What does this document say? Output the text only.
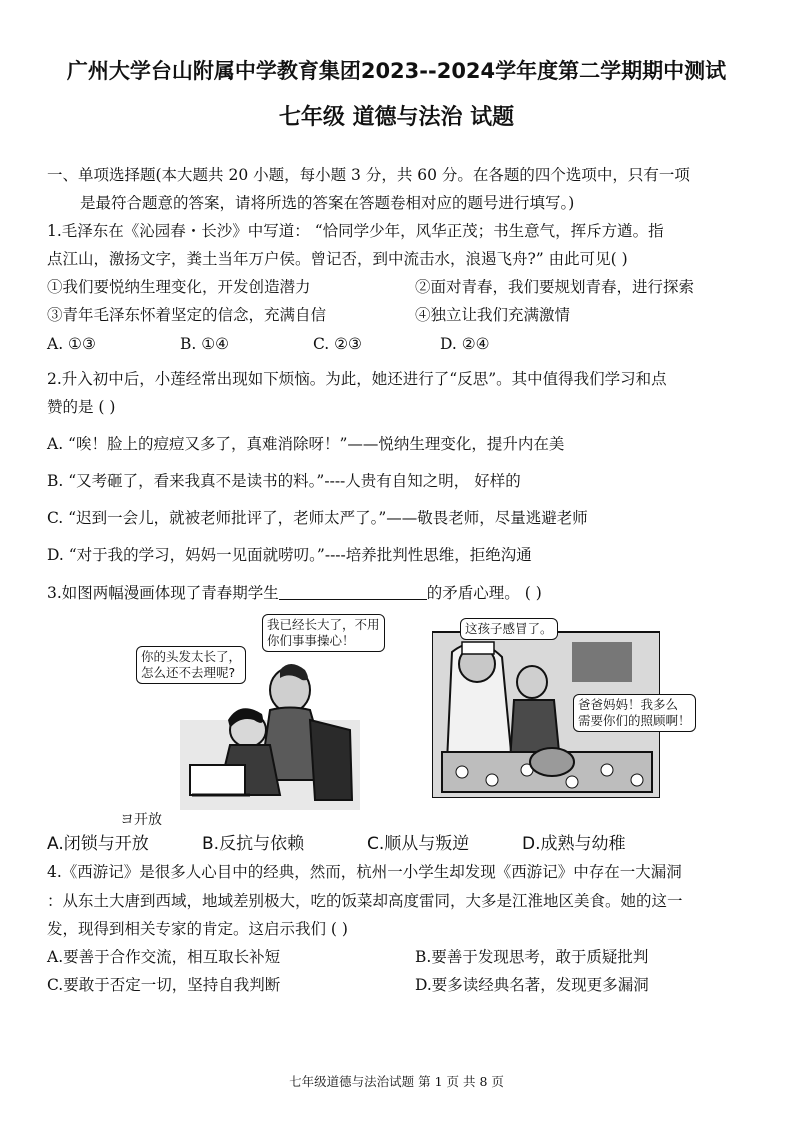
广州大学台山附属中学教育集团2023--2024学年度第二学期期中测试
七年级 道德与法治 试题
一、单项选择题(本大题共 20 小题，每小题 3 分，共 60 分。在各题的四个选项中，只有一项
是最符合题意的答案，请将所选的答案在答题卷相对应的题号进行填写。)
1.毛泽东在《沁园春・长沙》中写道： “恰同学少年，风华正茂；书生意气，挥斥方遒。指
点江山，激扬文字，粪土当年万户侯。曾记否，到中流击水，浪遏飞舟?” 由此可见( )
①我们要悦纳生理变化，开发创造潜力	②面对青春，我们要规划青春，进行探索
③青年毛泽东怀着坚定的信念，充满自信	④独立让我们充满激情
A. ①③	B. ①④	C. ②③	D. ②④
2.升入初中后，小莲经常出现如下烦恼。为此，她还进行了“反思”。其中值得我们学习和点
赞的是 ( )
A. “唉！脸上的痘痘又多了，真难消除呀！”——悦纳生理变化，提升内在美
B. “又考砸了，看来我真不是读书的料。”----人贵有自知之明， 好样的
C. “迟到一会儿，就被老师批评了，老师太严了。”——敬畏老师，尽量逃避老师
D. “对于我的学习，妈妈一见面就唠叨。”----培养批判性思维，拒绝沟通
3.如图两幅漫画体现了青春期学生	的矛盾心理。 ( )
你的头发太长了，
怎么还不去理呢?
我已经长大了，不用
你们事事操心！
这孩子感冒了。
爸爸妈妈！我多么
需要你们的照顾啊！
ヨ开放
A.闭锁与开放	B.反抗与依赖	C.顺从与叛逆	D.成熟与幼稚
4.《西游记》是很多人心目中的经典，然而，杭州一小学生却发现《西游记》中存在一大漏洞
：从东土大唐到西域，地域差别极大，吃的饭菜却高度雷同，大多是江淮地区美食。她的这一
发，现得到相关专家的肯定。这启示我们 ( )
A.要善于合作交流，相互取长补短	B.要善于发现思考，敢于质疑批判
C.要敢于否定一切，坚持自我判断	D.要多读经典名著，发现更多漏洞
七年级道德与法治试题 第 1 页 共 8 页
